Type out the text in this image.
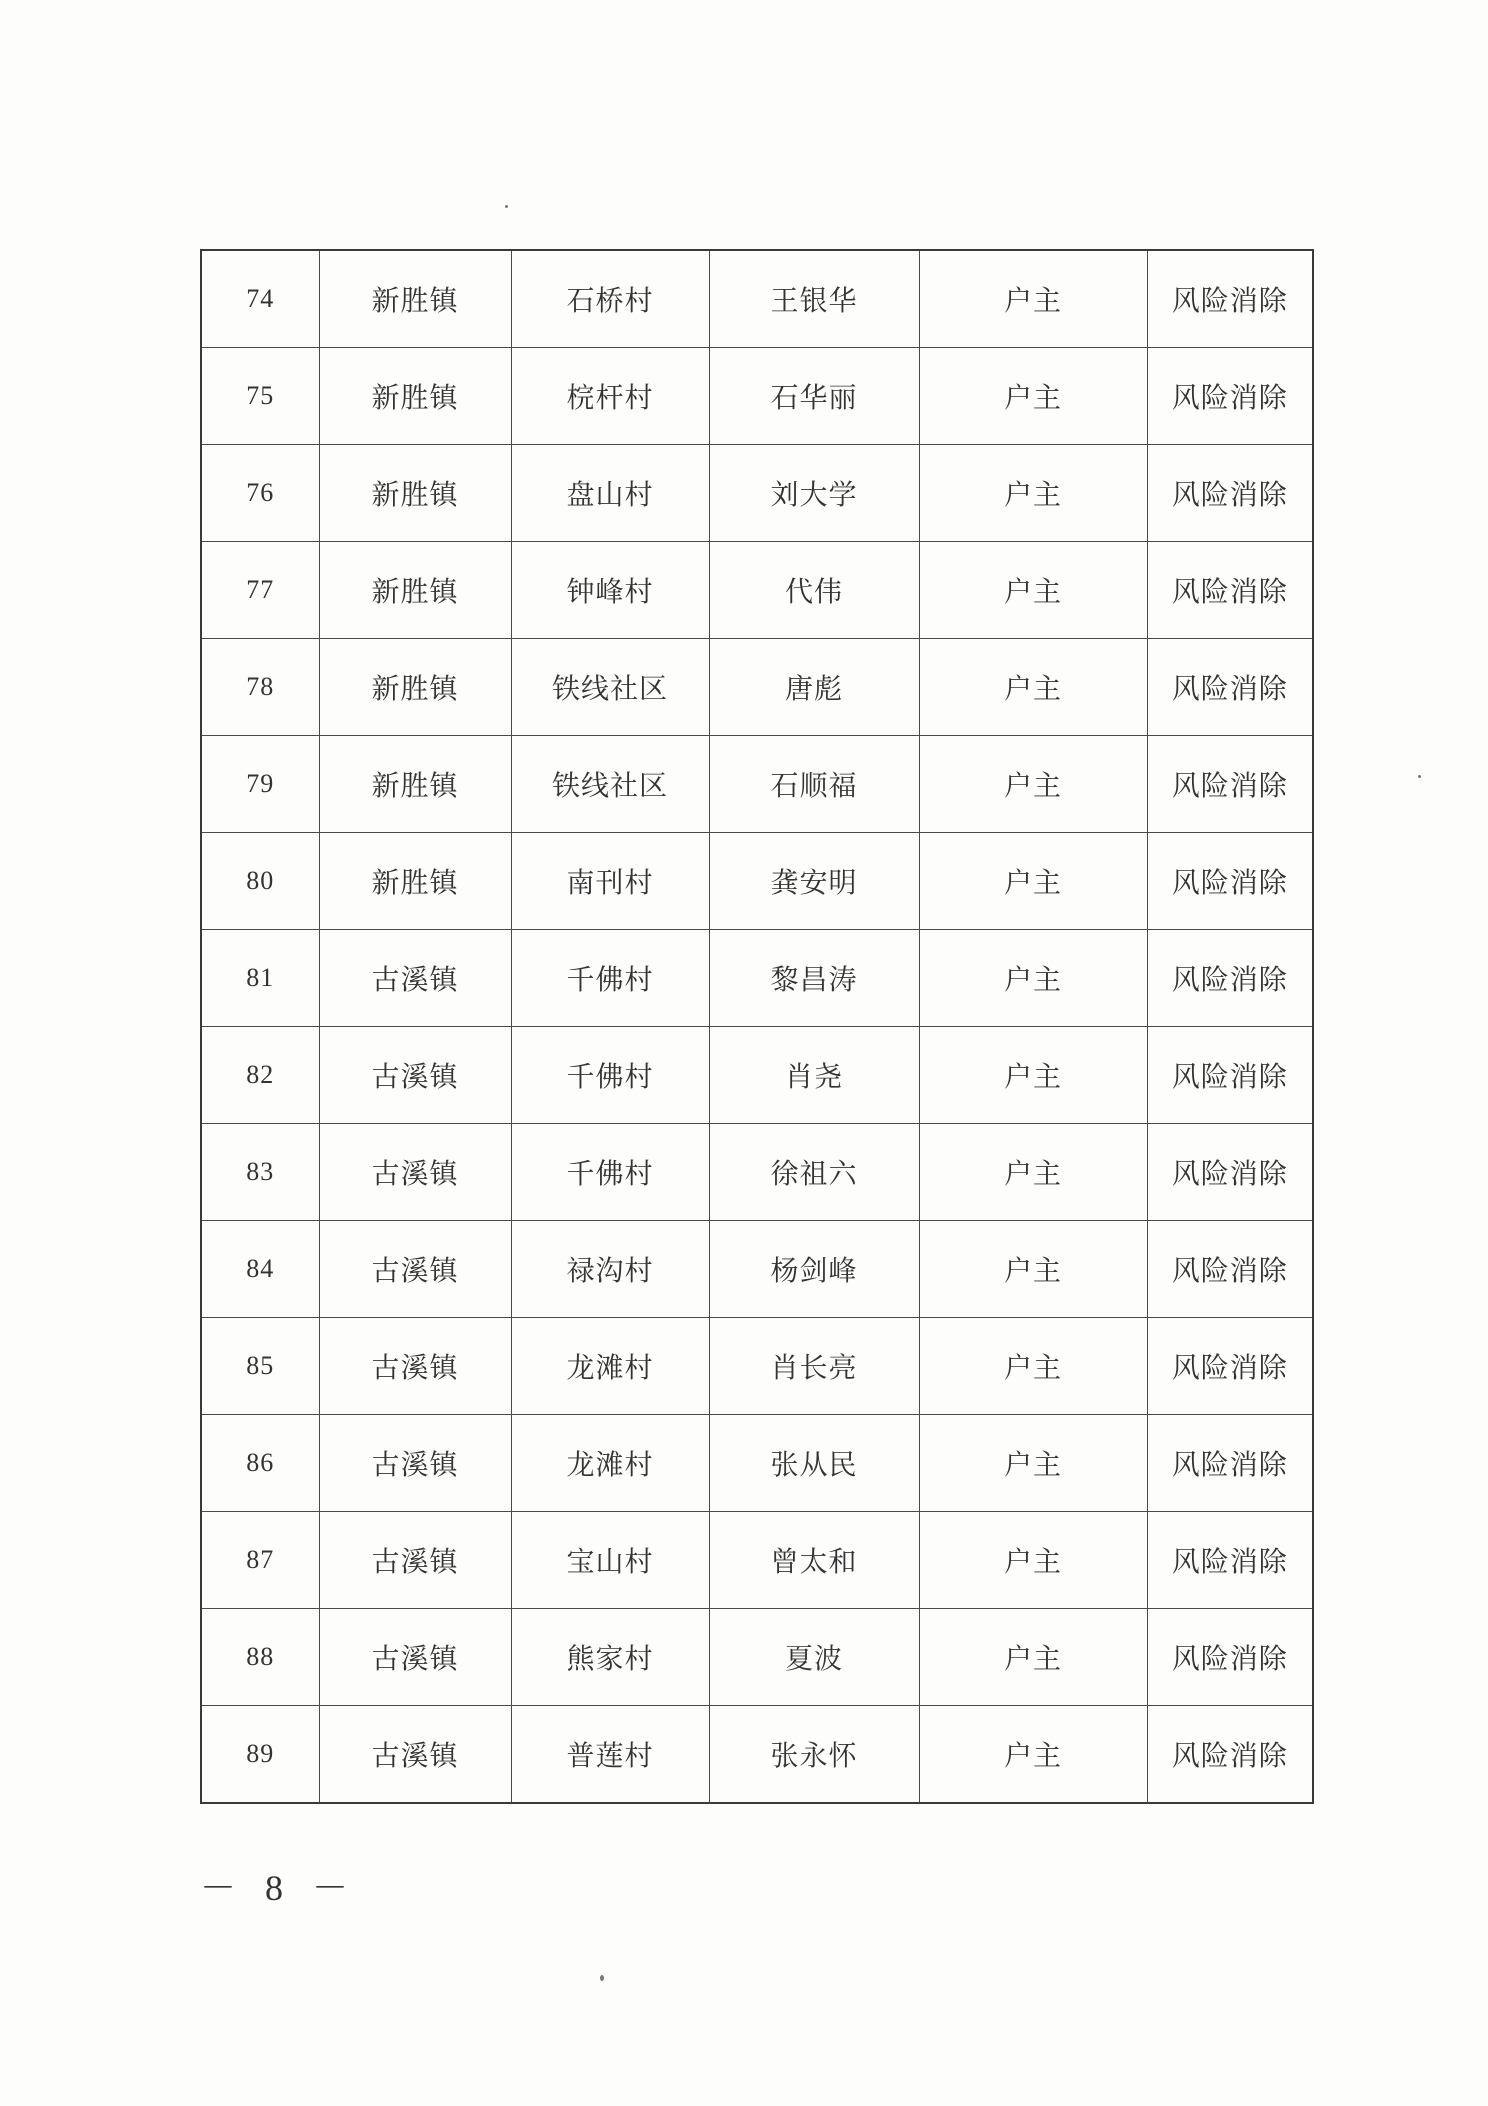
74	新胜镇	石桥村	王银华	户主	风险消除
75	新胜镇	梡杆村	石华丽	户主	风险消除
76	新胜镇	盘山村	刘大学	户主	风险消除
77	新胜镇	钟峰村	代伟	户主	风险消除
78	新胜镇	铁线社区	唐彪	户主	风险消除
79	新胜镇	铁线社区	石顺福	户主	风险消除
80	新胜镇	南刊村	龚安明	户主	风险消除
81	古溪镇	千佛村	黎昌涛	户主	风险消除
82	古溪镇	千佛村	肖尧	户主	风险消除
83	古溪镇	千佛村	徐祖六	户主	风险消除
84	古溪镇	禄沟村	杨剑峰	户主	风险消除
85	古溪镇	龙滩村	肖长亮	户主	风险消除
86	古溪镇	龙滩村	张从民	户主	风险消除
87	古溪镇	宝山村	曾太和	户主	风险消除
88	古溪镇	熊家村	夏波	户主	风险消除
89	古溪镇	普莲村	张永怀	户主	风险消除
－ 8 －
